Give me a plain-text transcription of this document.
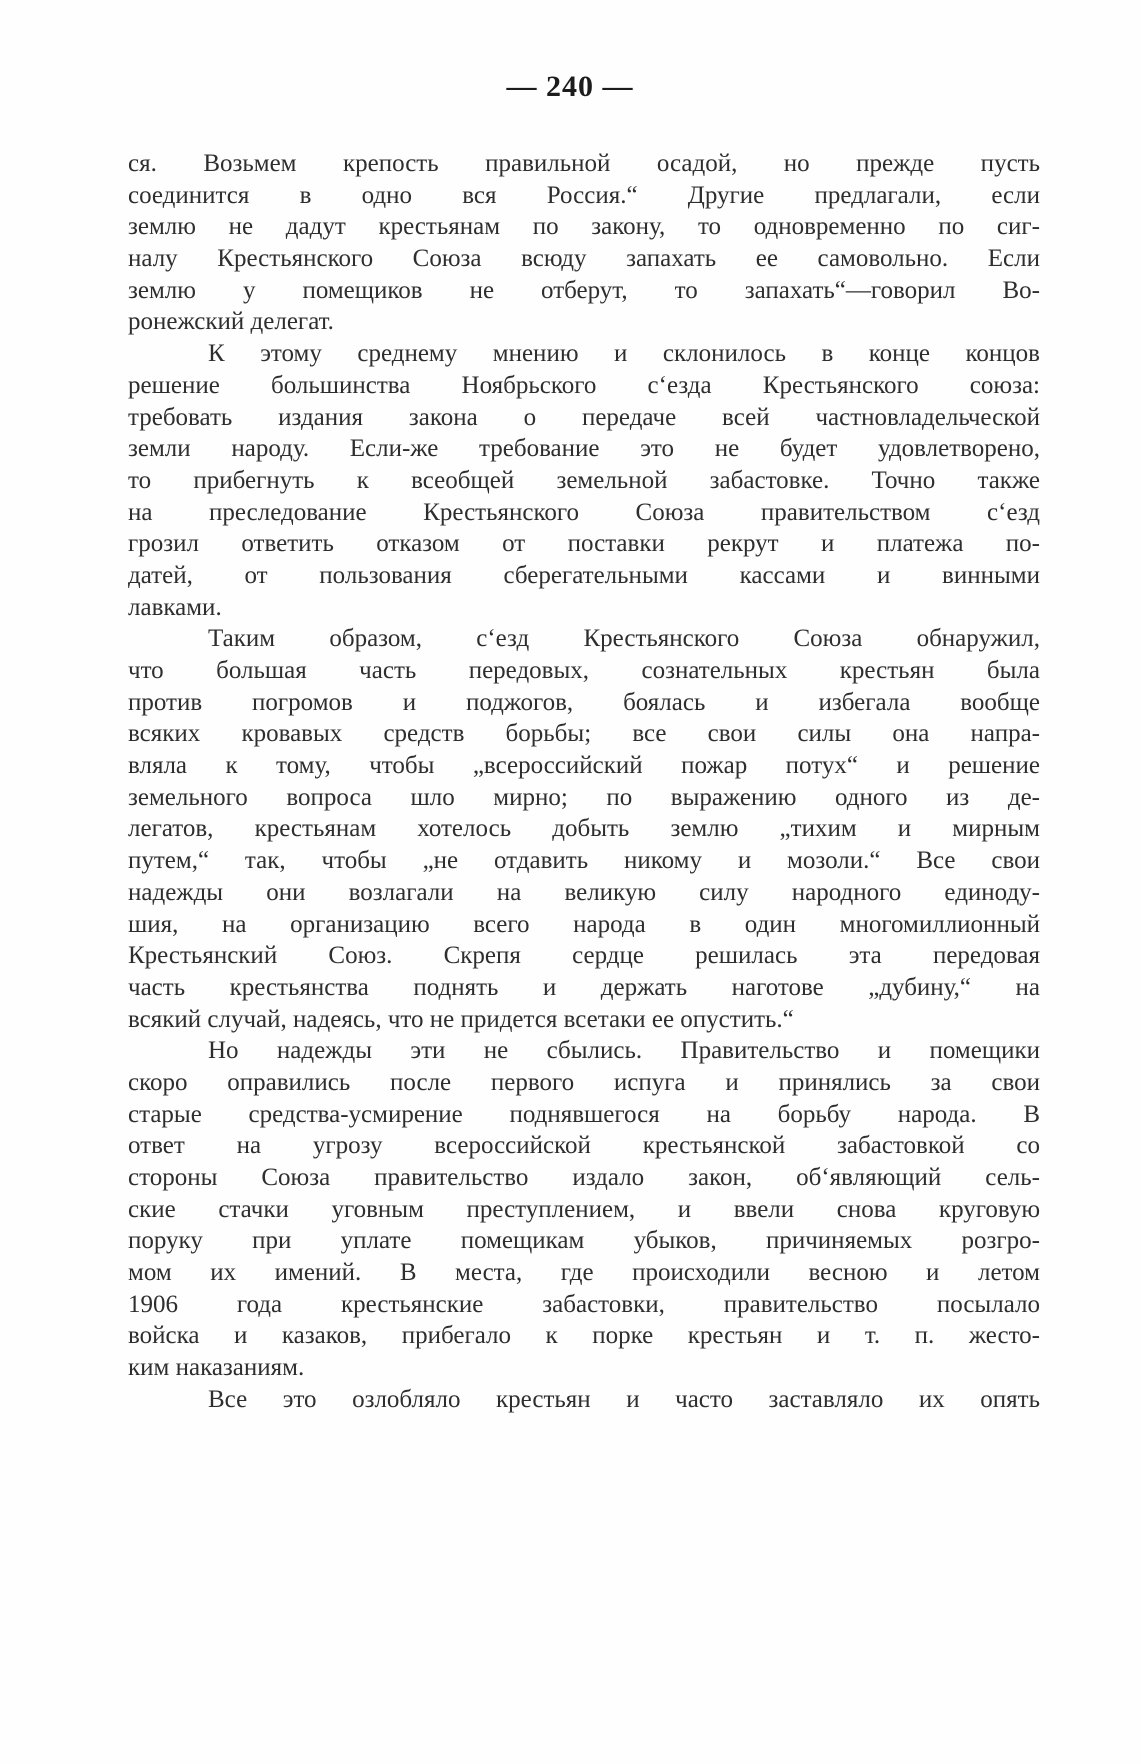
— 240 —
ся. Возьмем крепость правильной осадой, но прежде пусть
соединится в одно вся Россия.“ Другие предлагали, если
землю не дадут крестьянам по закону, то одновременно по сиг-
налу Крестьянского Союза всюду запахать ее самовольно. Если
землю у помещиков не отберут, то запахать“—говорил Во-
ронежский делегат.
К этому среднему мнению и склонилось в конце концов
решение большинства Ноябрьского с‘езда Крестьянского союза:
требовать издания закона о передаче всей частновладельческой
земли народу. Если-же требование это не будет удовлетворено,
то прибегнуть к всеобщей земельной забастовке. Точно также
на преследование Крестьянского Союза правительством с‘езд
грозил ответить отказом от поставки рекрут и платежа по-
датей, от пользования сберегательными кассами и винными
лавками.
Таким образом, с‘езд Крестьянского Союза обнаружил,
что большая часть передовых, сознательных крестьян была
против погромов и поджогов, боялась и избегала вообще
всяких кровавых средств борьбы; все свои силы она напра-
вляла к тому, чтобы „всероссийский пожар потух“ и решение
земельного вопроса шло мирно; по выражению одного из де-
легатов, крестьянам хотелось добыть землю „тихим и мирным
путем,“ так, чтобы „не отдавить никому и мозоли.“ Все свои
надежды они возлагали на великую силу народного единоду-
шия, на организацию всего народа в один многомиллионный
Крестьянский Союз. Скрепя сердце решилась эта передовая
часть крестьянства поднять и держать наготове „дубину,“ на
всякий случай, надеясь, что не придется всетаки ее опустить.“
Но надежды эти не сбылись. Правительство и помещики
скоро оправились после первого испуга и принялись за свои
старые средства-усмирение поднявшегося на борьбу народа. В
ответ на угрозу всероссийской крестьянской забастовкой со
стороны Союза правительство издало закон, об‘являющий сель-
ские стачки уговным преступлением, и ввели снова круговую
поруку при уплате помещикам убыков, причиняемых розгро-
мом их имений. В места, где происходили весною и летом
1906 года крестьянские забастовки, правительство посылало
войска и казаков, прибегало к порке крестьян и т. п. жесто-
ким наказаниям.
Все это озлобляло крестьян и часто заставляло их опять
